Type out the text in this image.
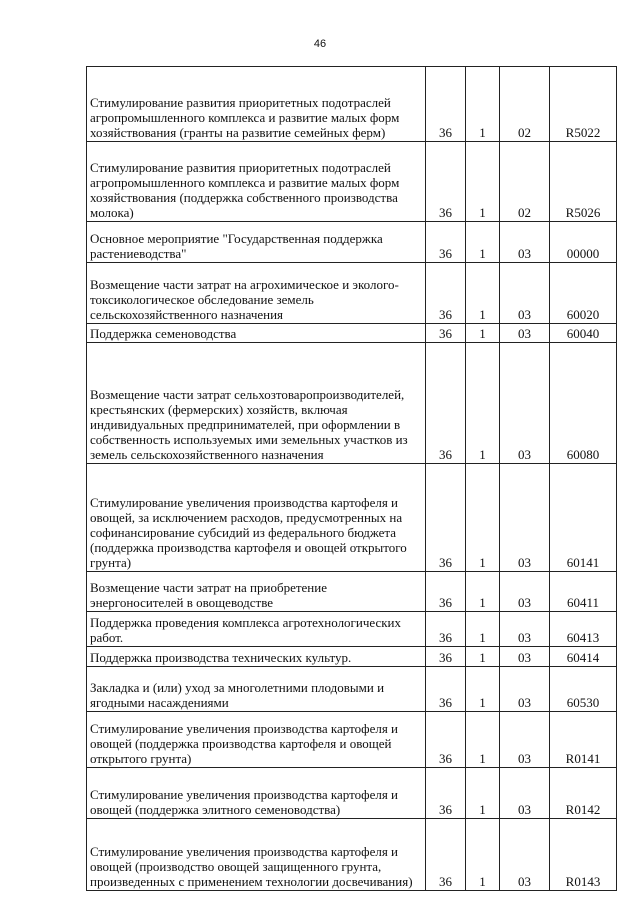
46
Стимулирование развития приоритетных подотраслей агропромышленного комплекса и развитие малых форм хозяйствования (гранты на развитие семейных ферм)	36	1	02	R5022
Стимулирование развития приоритетных подотраслей агропромышленного комплекса и развитие малых форм хозяйствования (поддержка собственного производства молока)	36	1	02	R5026
Основное мероприятие "Государственная поддержка растениеводства"	36	1	03	00000
Возмещение части затрат на агрохимическое и эколого-токсикологическое обследование земель сельскохозяйственного назначения	36	1	03	60020
Поддержка семеноводства	36	1	03	60040
Возмещение части затрат сельхозтоваропроизводителей, крестьянских (фермерских) хозяйств, включая индивидуальных предпринимателей, при оформлении в собственность используемых ими земельных участков из земель сельскохозяйственного назначения	36	1	03	60080
Стимулирование увеличения производства картофеля и овощей, за исключением расходов, предусмотренных на софинансирование субсидий из федерального бюджета (поддержка производства картофеля и овощей открытого грунта)	36	1	03	60141
Возмещение части затрат на приобретение энергоносителей в овощеводстве	36	1	03	60411
Поддержка проведения комплекса агротехнологических работ.	36	1	03	60413
Поддержка производства технических культур.	36	1	03	60414
Закладка и (или) уход за многолетними плодовыми и ягодными насаждениями	36	1	03	60530
Стимулирование увеличения производства картофеля и овощей (поддержка производства картофеля и овощей открытого грунта)	36	1	03	R0141
Стимулирование увеличения производства картофеля и овощей (поддержка элитного семеноводства)	36	1	03	R0142
Стимулирование увеличения производства картофеля и овощей (производство овощей защищенного грунта, произведенных с применением технологии досвечивания)	36	1	03	R0143
